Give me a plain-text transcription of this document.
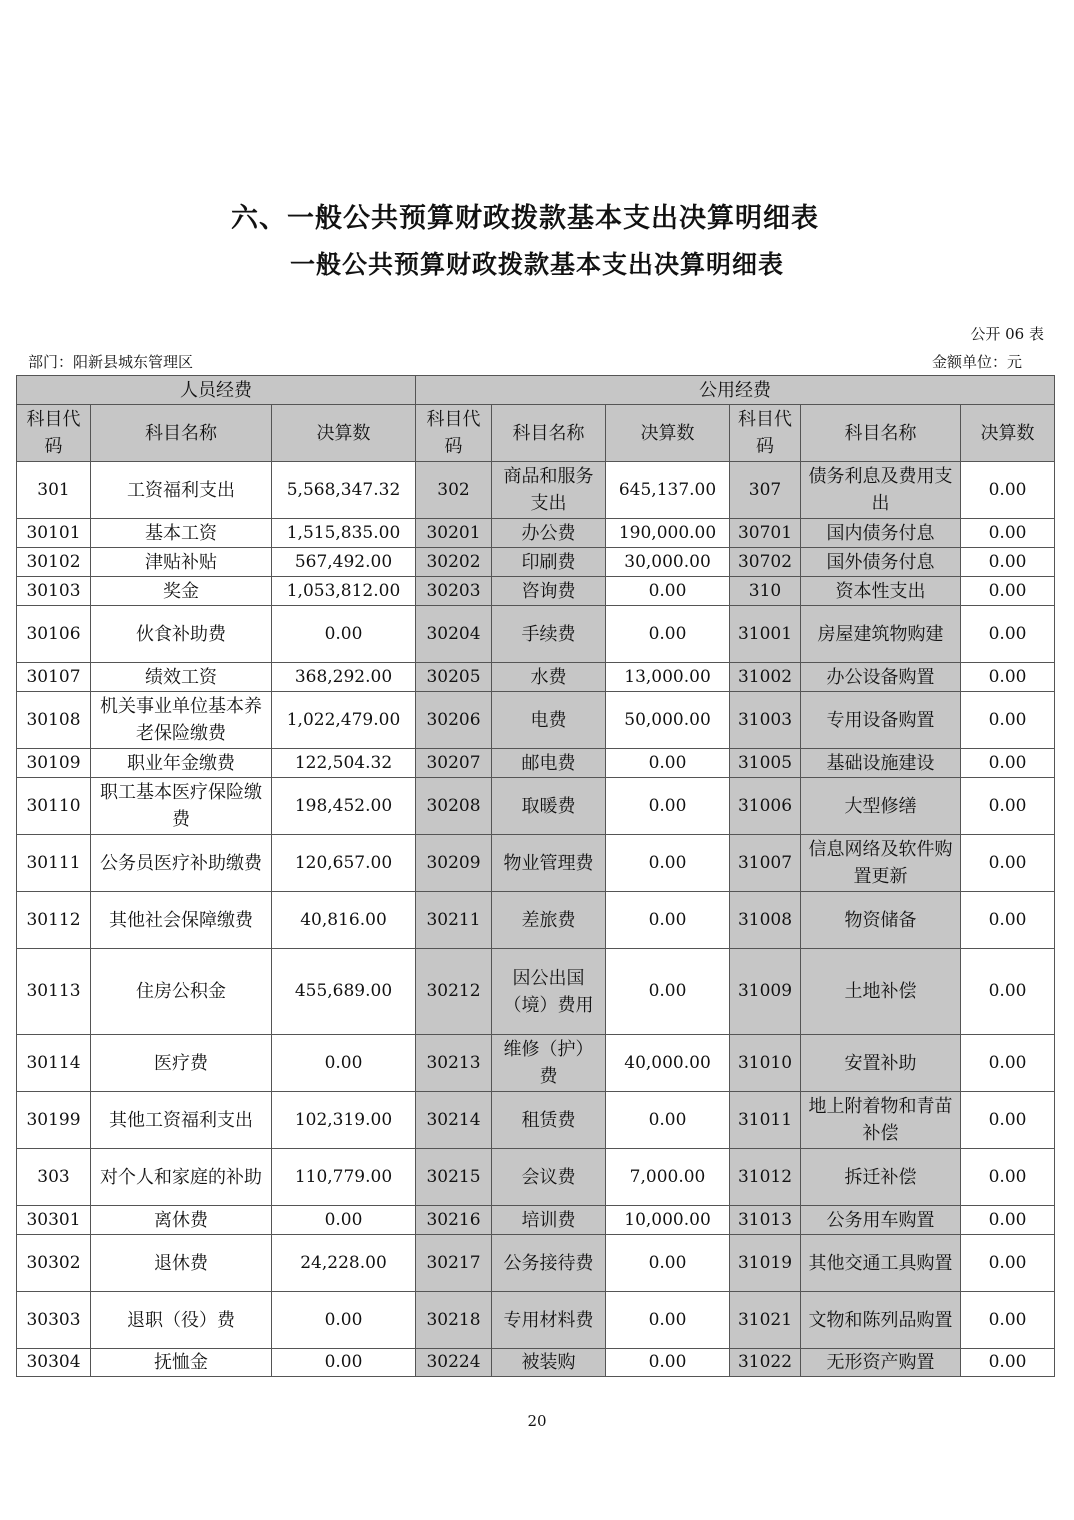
六、一般公共预算财政拨款基本支出决算明细表
一般公共预算财政拨款基本支出决算明细表
公开 06 表
部门：阳新县城东管理区	金额单位：元
人员经费			公用经费					
科目代码	科目名称	决算数	科目代码	科目名称	决算数	科目代码	科目名称	决算数
301	工资福利支出	5,568,347.32	302	商品和服务支出	645,137.00	307	债务利息及费用支出	0.00
30101	基本工资	1,515,835.00	30201	办公费	190,000.00	30701	国内债务付息	0.00
30102	津贴补贴	567,492.00	30202	印刷费	30,000.00	30702	国外债务付息	0.00
30103	奖金	1,053,812.00	30203	咨询费	0.00	310	资本性支出	0.00
30106	伙食补助费	0.00	30204	手续费	0.00	31001	房屋建筑物购建	0.00
30107	绩效工资	368,292.00	30205	水费	13,000.00	31002	办公设备购置	0.00
30108	机关事业单位基本养老保险缴费	1,022,479.00	30206	电费	50,000.00	31003	专用设备购置	0.00
30109	职业年金缴费	122,504.32	30207	邮电费	0.00	31005	基础设施建设	0.00
30110	职工基本医疗保险缴费	198,452.00	30208	取暖费	0.00	31006	大型修缮	0.00
30111	公务员医疗补助缴费	120,657.00	30209	物业管理费	0.00	31007	信息网络及软件购置更新	0.00
30112	其他社会保障缴费	40,816.00	30211	差旅费	0.00	31008	物资储备	0.00
30113	住房公积金	455,689.00	30212	因公出国（境）费用	0.00	31009	土地补偿	0.00
30114	医疗费	0.00	30213	维修（护）费	40,000.00	31010	安置补助	0.00
30199	其他工资福利支出	102,319.00	30214	租赁费	0.00	31011	地上附着物和青苗补偿	0.00
303	对个人和家庭的补助	110,779.00	30215	会议费	7,000.00	31012	拆迁补偿	0.00
30301	离休费	0.00	30216	培训费	10,000.00	31013	公务用车购置	0.00
30302	退休费	24,228.00	30217	公务接待费	0.00	31019	其他交通工具购置	0.00
30303	退职（役）费	0.00	30218	专用材料费	0.00	31021	文物和陈列品购置	0.00
30304	抚恤金	0.00	30224	被装购	0.00	31022	无形资产购置	0.00
20
